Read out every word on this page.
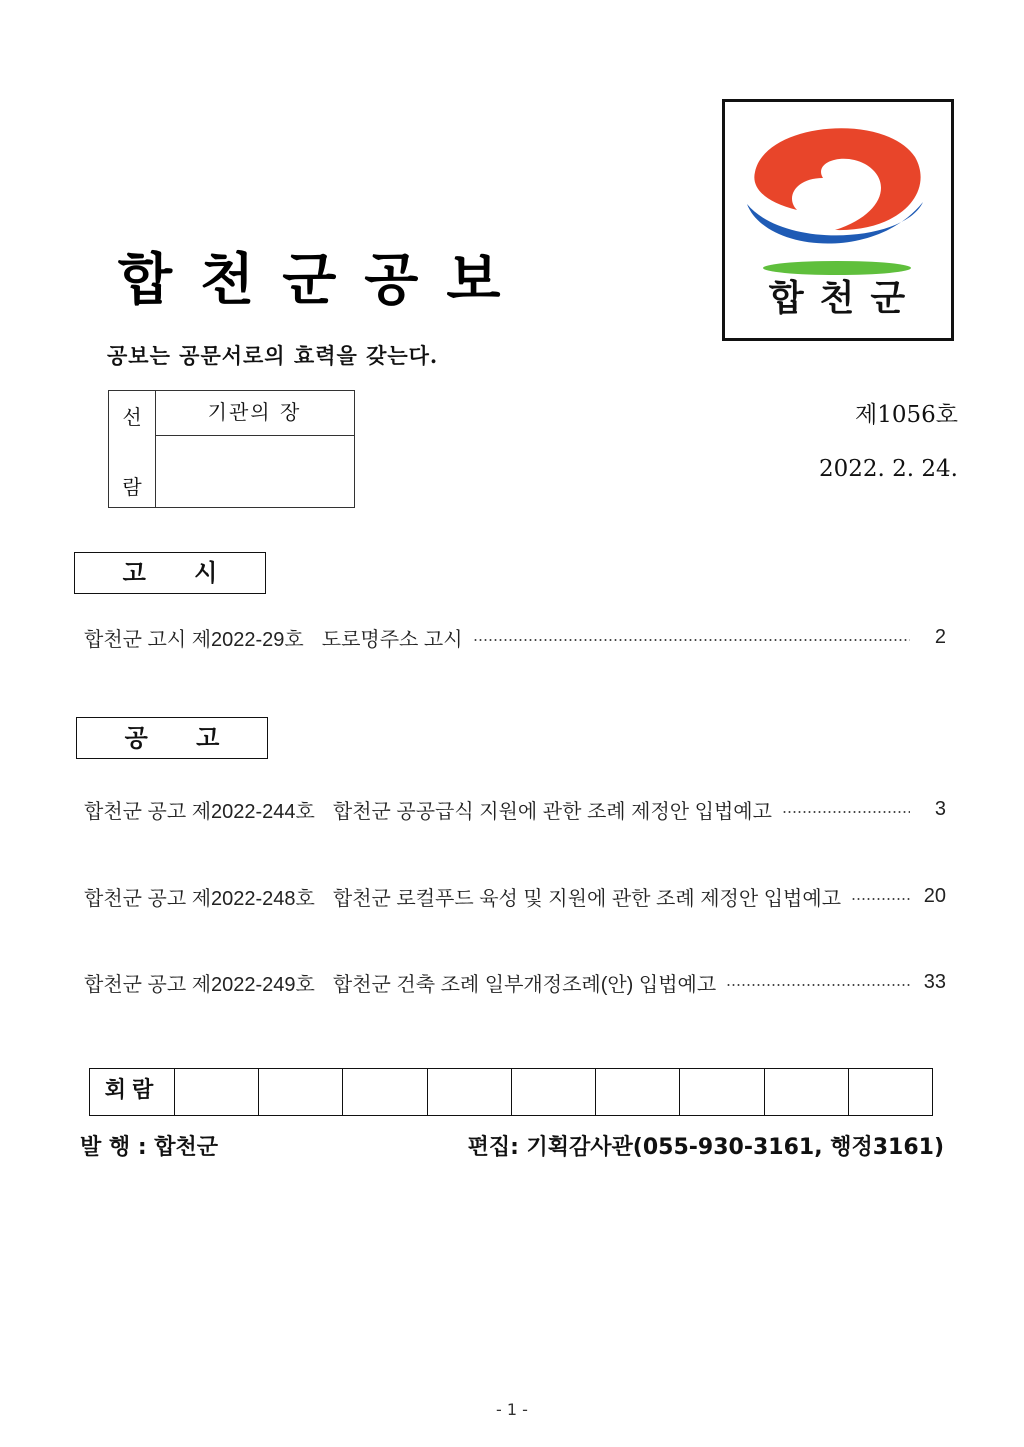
합천군공보
공보는 공문서로의 효력을 갖는다.
합천군
선
람
기관의 장	제1056호
2022. 2. 24.
고 시
합천군 고시 제2022-29호 도로명주소 고시	2
공 고
합천군 공고 제2022-244호 합천군 공공급식 지원에 관한 조례 제정안 입법예고	3
합천군 공고 제2022-248호 합천군 로컬푸드 육성 및 지원에 관한 조례 제정안 입법예고	20
합천군 공고 제2022-249호 합천군 건축 조례 일부개정조례(안) 입법예고	33
회람
발 행 : 합천군	편집: 기획감사관(055-930-3161, 행정3161)
- 1 -
